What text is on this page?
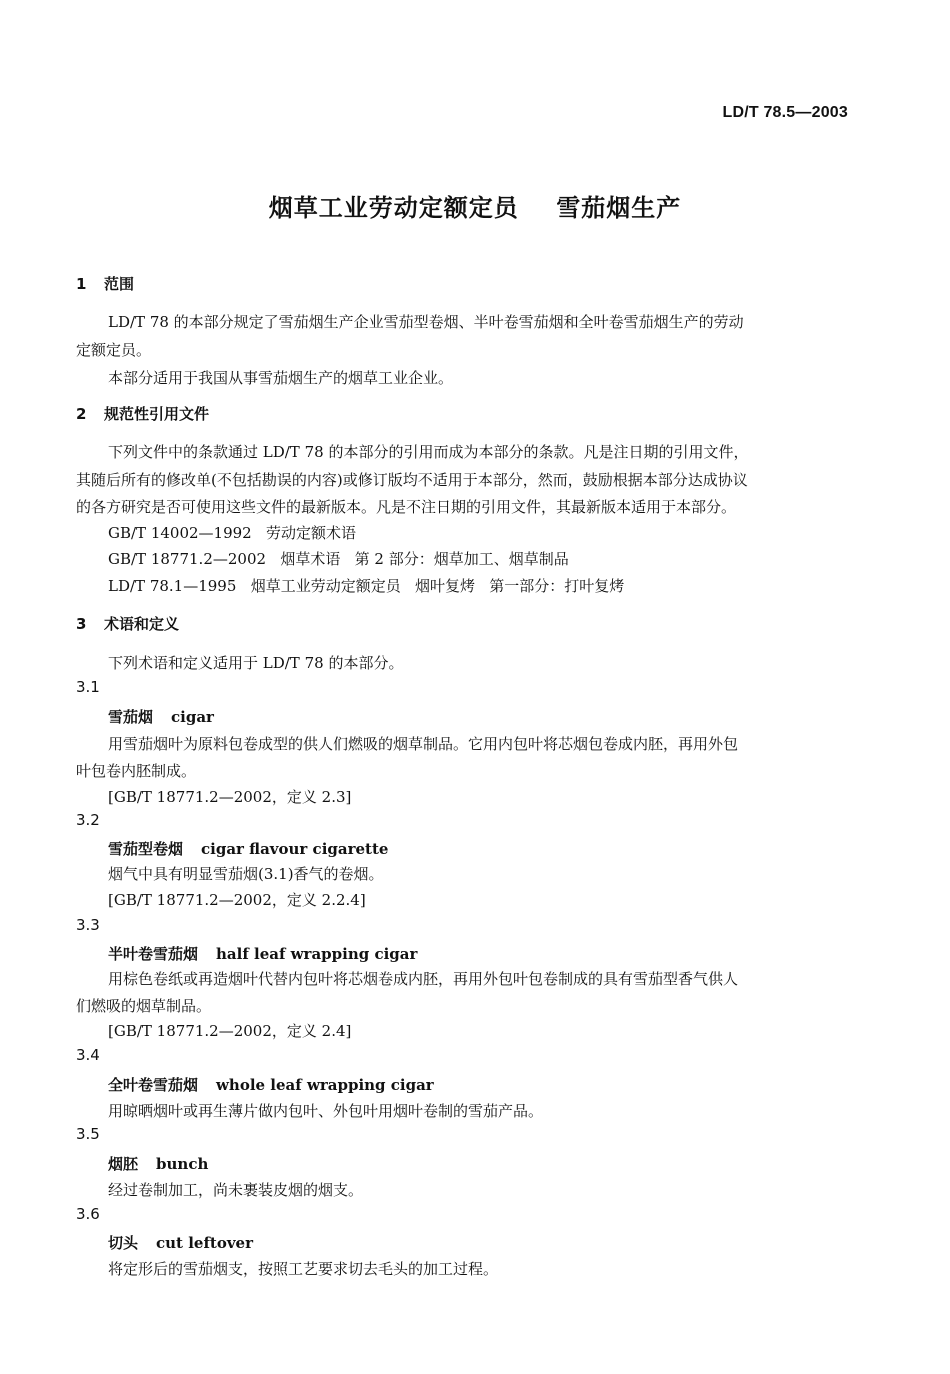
LD/T 78.5—2003
烟草工业劳动定额定员    雪茄烟生产
1 范围
LD/T 78 的本部分规定了雪茄烟生产企业雪茄型卷烟、半叶卷雪茄烟和全叶卷雪茄烟生产的劳动
定额定员。
本部分适用于我国从事雪茄烟生产的烟草工业企业。
2 规范性引用文件
下列文件中的条款通过 LD/T 78 的本部分的引用而成为本部分的条款。凡是注日期的引用文件，
其随后所有的修改单(不包括勘误的内容)或修订版均不适用于本部分，然而，鼓励根据本部分达成协议
的各方研究是否可使用这些文件的最新版本。凡是不注日期的引用文件，其最新版本适用于本部分。
GB/T 14002—1992   劳动定额术语
GB/T 18771.2—2002   烟草术语   第 2 部分：烟草加工、烟草制品
LD/T 78.1—1995   烟草工业劳动定额定员   烟叶复烤   第一部分：打叶复烤
3 术语和定义
下列术语和定义适用于 LD/T 78 的本部分。
3.1
雪茄烟 cigar
用雪茄烟叶为原料包卷成型的供人们燃吸的烟草制品。它用内包叶将芯烟包卷成内胚，再用外包
叶包卷内胚制成。
[GB/T 18771.2—2002，定义 2.3]
3.2
雪茄型卷烟 cigar flavour cigarette
烟气中具有明显雪茄烟(3.1)香气的卷烟。
[GB/T 18771.2—2002，定义 2.2.4]
3.3
半叶卷雪茄烟 half leaf wrapping cigar
用棕色卷纸或再造烟叶代替内包叶将芯烟卷成内胚，再用外包叶包卷制成的具有雪茄型香气供人
们燃吸的烟草制品。
[GB/T 18771.2—2002，定义 2.4]
3.4
全叶卷雪茄烟 whole leaf wrapping cigar
用晾晒烟叶或再生薄片做内包叶、外包叶用烟叶卷制的雪茄产品。
3.5
烟胚 bunch
经过卷制加工，尚未裹装皮烟的烟支。
3.6
切头 cut leftover
将定形后的雪茄烟支，按照工艺要求切去毛头的加工过程。
